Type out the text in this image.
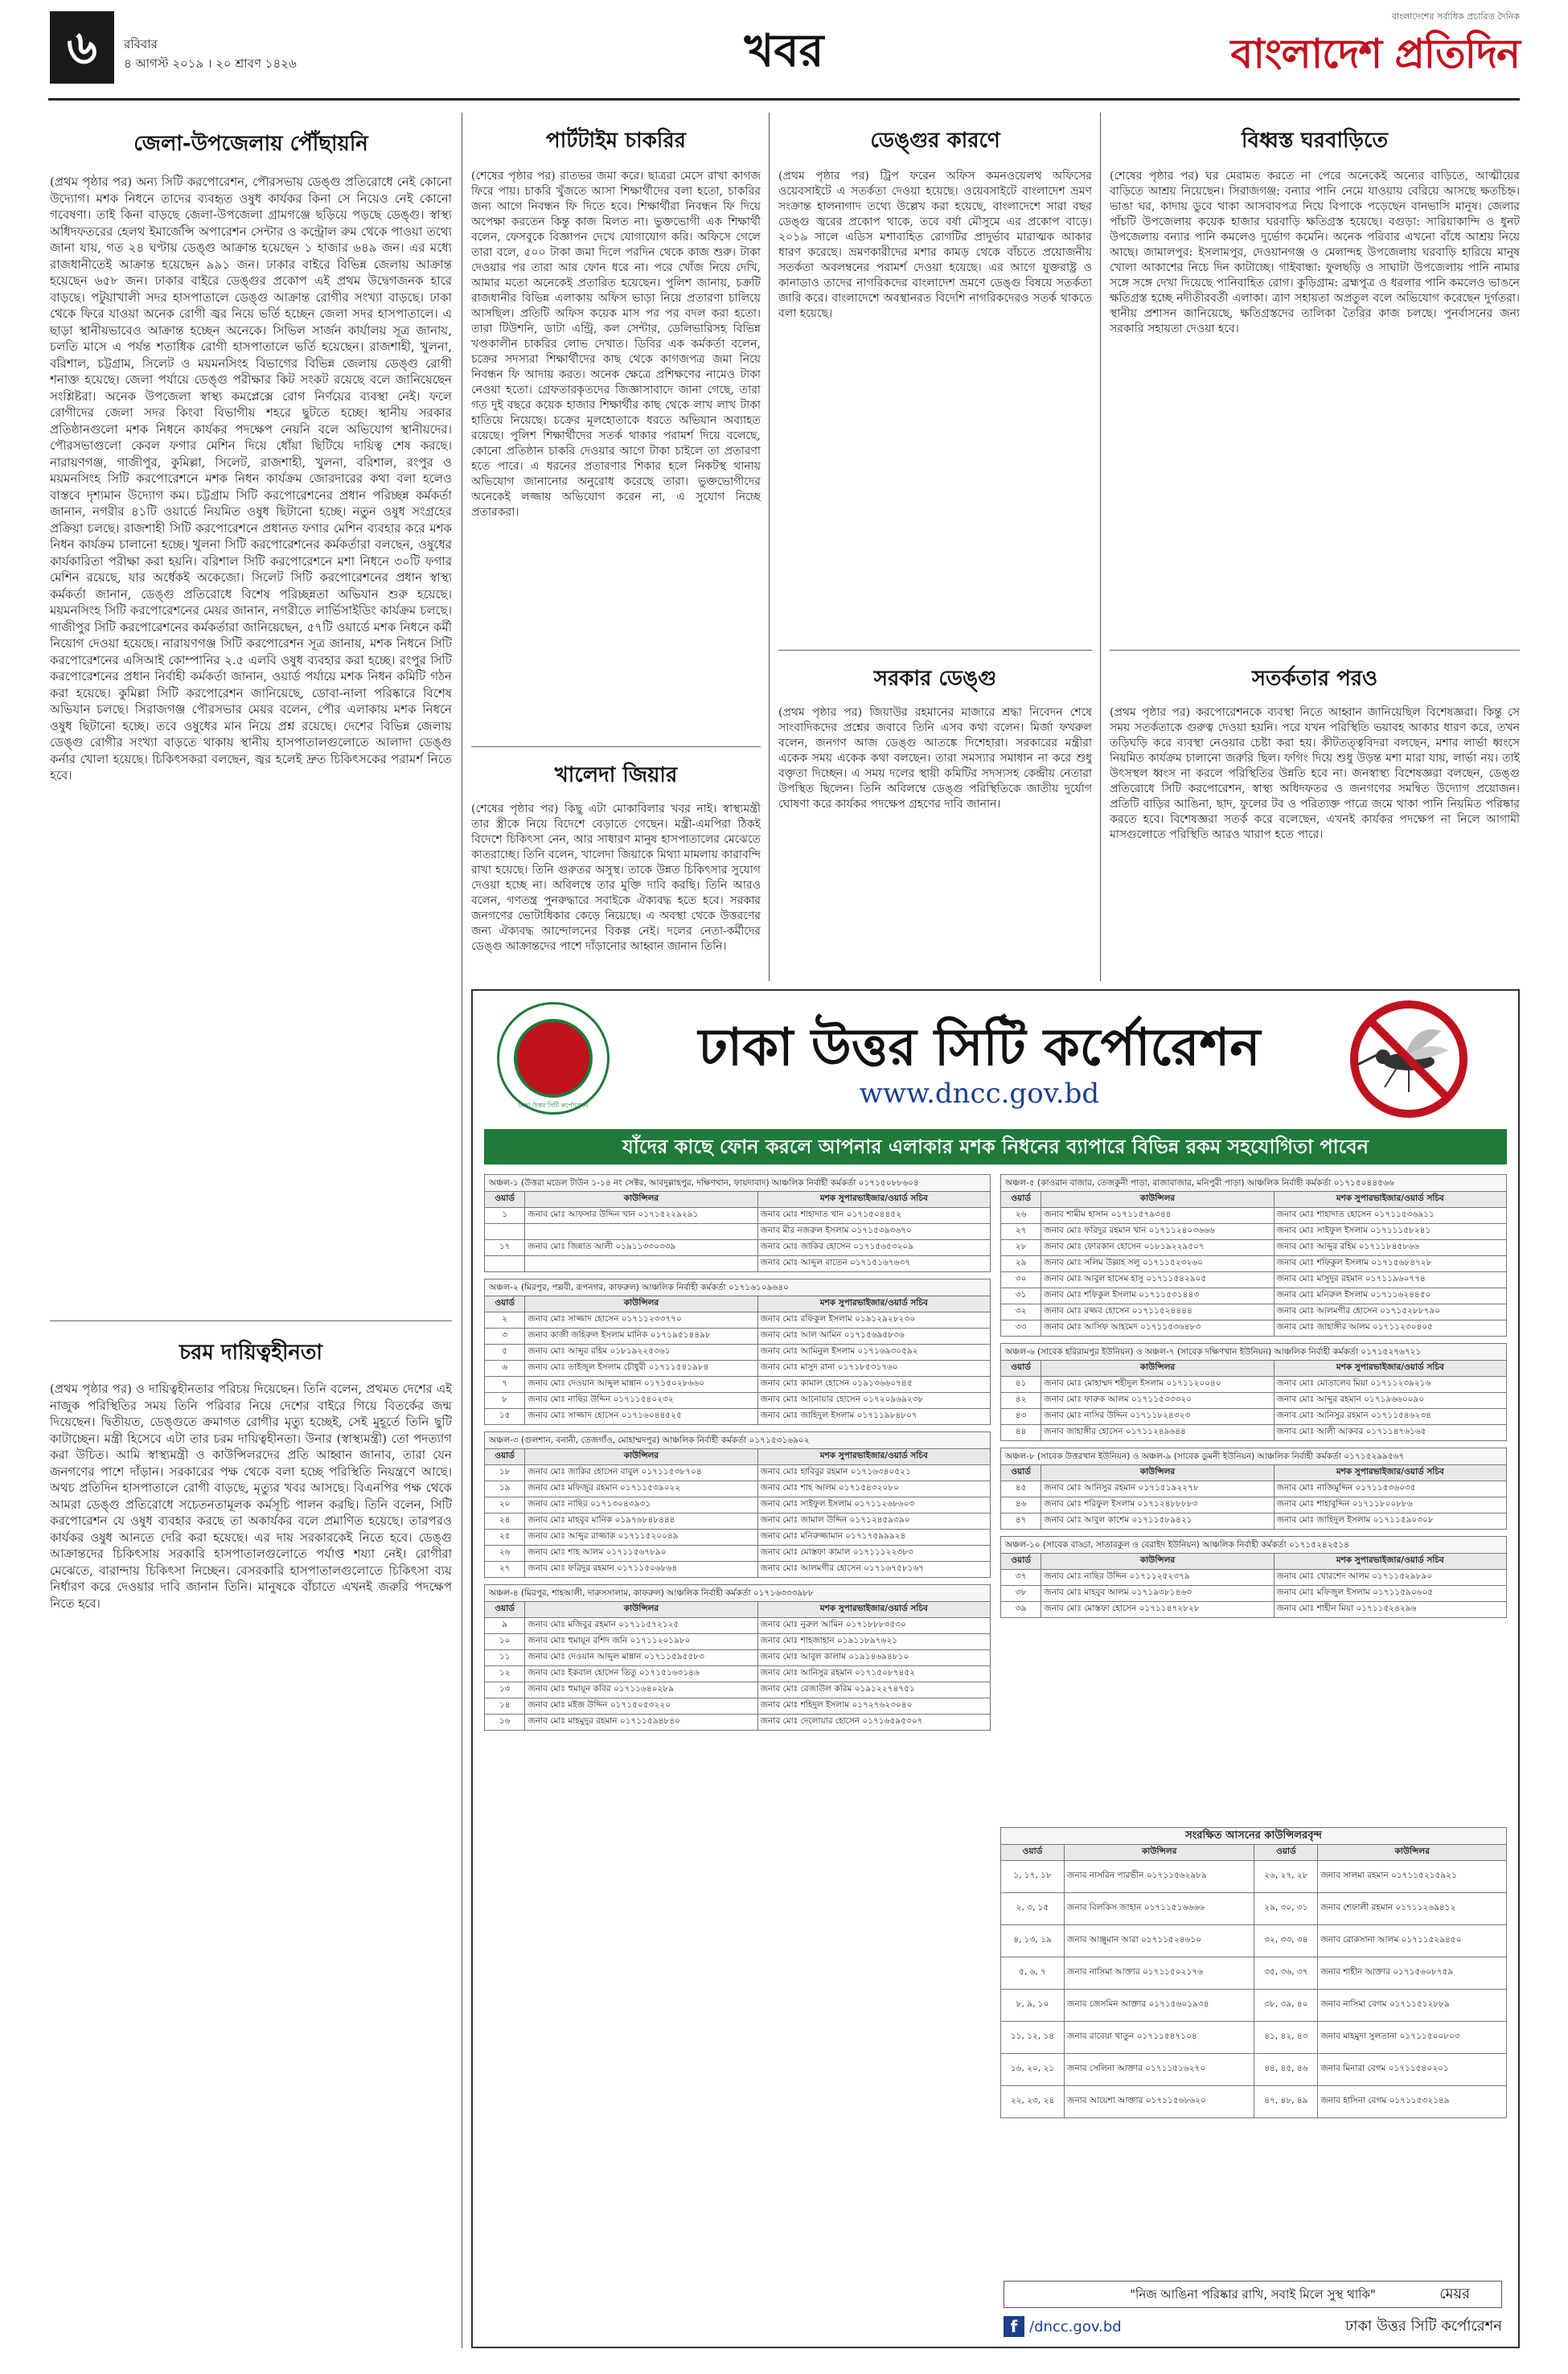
৬	রবিবার
৪ আগস্ট ২০১৯ । ২০ শ্রাবণ ১৪২৬	খবর
বাংলাদেশের সর্বাধিক প্রচারিত দৈনিক
বাংলাদেশ প্রতিদিন
জেলা-উপজেলায় পৌঁছায়নি
(প্রথম পৃষ্ঠার পর) অন্য সিটি করপোরেশন, পৌরসভায় ডেঙ্গু প্রতিরোধে নেই কোনো উদ্যোগ। মশক নিধনে তাদের ব্যবহৃত ওষুধ কার্যকর কিনা সে নিয়েও নেই কোনো গবেষণা। তাই কিনা বাড়ছে জেলা-উপজেলা গ্রামগঞ্জে ছড়িয়ে পড়ছে ডেঙ্গু। স্বাস্থ্য অধিদফতরের হেলথ ইমার্জেন্সি অপারেশন সেন্টার ও কন্ট্রোল রুম থেকে পাওয়া তথ্যে জানা যায়, গত ২৪ ঘণ্টায় ডেঙ্গু আক্রান্ত হয়েছেন ১ হাজার ৬৪৯ জন। এর মধ্যে রাজধানীতেই আক্রান্ত হয়েছেন ৯৯১ জন। ঢাকার বাইরে বিভিন্ন জেলায় আক্রান্ত হয়েছেন ৬৫৮ জন। ঢাকার বাইরে ডেঙ্গুর প্রকোপ এই প্রথম উদ্বেগজনক হারে বাড়ছে। পটুয়াখালী সদর হাসপাতালে ডেঙ্গু আক্রান্ত রোগীর সংখ্যা বাড়ছে। ঢাকা থেকে ফিরে যাওয়া অনেক রোগী জ্বর নিয়ে ভর্তি হচ্ছেন জেলা সদর হাসপাতালে। এ ছাড়া স্থানীয়ভাবেও আক্রান্ত হচ্ছেন অনেকে। সিভিল সার্জন কার্যালয় সূত্র জানায়, চলতি মাসে এ পর্যন্ত শতাধিক রোগী হাসপাতালে ভর্তি হয়েছেন। রাজশাহী, খুলনা, বরিশাল, চট্টগ্রাম, সিলেট ও ময়মনসিংহ বিভাগের বিভিন্ন জেলায় ডেঙ্গু রোগী শনাক্ত হয়েছে। জেলা পর্যায়ে ডেঙ্গু পরীক্ষার কিট সংকট রয়েছে বলে জানিয়েছেন সংশ্লিষ্টরা। অনেক উপজেলা স্বাস্থ্য কমপ্লেক্সে রোগ নির্ণয়ের ব্যবস্থা নেই। ফলে রোগীদের জেলা সদর কিংবা বিভাগীয় শহরে ছুটতে হচ্ছে। স্থানীয় সরকার প্রতিষ্ঠানগুলো মশক নিধনে কার্যকর পদক্ষেপ নেয়নি বলে অভিযোগ স্থানীয়দের। পৌরসভাগুলো কেবল ফগার মেশিন দিয়ে ধোঁয়া ছিটিয়ে দায়িত্ব শেষ করছে। নারায়ণগঞ্জ, গাজীপুর, কুমিল্লা, সিলেট, রাজশাহী, খুলনা, বরিশাল, রংপুর ও ময়মনসিংহ সিটি করপোরেশনে মশক নিধন কার্যক্রম জোরদারের কথা বলা হলেও বাস্তবে দৃশ্যমান উদ্যোগ কম। চট্টগ্রাম সিটি করপোরেশনের প্রধান পরিচ্ছন্ন কর্মকর্তা জানান, নগরীর ৪১টি ওয়ার্ডে নিয়মিত ওষুধ ছিটানো হচ্ছে। নতুন ওষুধ সংগ্রহের প্রক্রিয়া চলছে। রাজশাহী সিটি করপোরেশনে প্রধানত ফগার মেশিন ব্যবহার করে মশক নিধন কার্যক্রম চালানো হচ্ছে। খুলনা সিটি করপোরেশনের কর্মকর্তারা বলছেন, ওষুধের কার্যকারিতা পরীক্ষা করা হয়নি। বরিশাল সিটি করপোরেশনে মশা নিধনে ৩০টি ফগার মেশিন রয়েছে, যার অর্ধেকই অকেজো। সিলেট সিটি করপোরেশনের প্রধান স্বাস্থ্য কর্মকর্তা জানান, ডেঙ্গু প্রতিরোধে বিশেষ পরিচ্ছন্নতা অভিযান শুরু হয়েছে। ময়মনসিংহ সিটি করপোরেশনের মেয়র জানান, নগরীতে লার্ভিসাইডিং কার্যক্রম চলছে। গাজীপুর সিটি করপোরেশনের কর্মকর্তারা জানিয়েছেন, ৫৭টি ওয়ার্ডে মশক নিধনে কর্মী নিয়োগ দেওয়া হয়েছে। নারায়ণগঞ্জ সিটি করপোরেশন সূত্র জানায়, মশক নিধনে সিটি করপোরেশনের এসিআই কোম্পানির ২.৫ এলবি ওষুধ ব্যবহার করা হচ্ছে। রংপুর সিটি করপোরেশনের প্রধান নির্বাহী কর্মকর্তা জানান, ওয়ার্ড পর্যায়ে মশক নিধন কমিটি গঠন করা হয়েছে। কুমিল্লা সিটি করপোরেশন জানিয়েছে, ডোবা-নালা পরিষ্কারে বিশেষ অভিযান চলছে। সিরাজগঞ্জ পৌরসভার মেয়র বলেন, পৌর এলাকায় মশক নিধনে ওষুধ ছিটানো হচ্ছে। তবে ওষুধের মান নিয়ে প্রশ্ন রয়েছে। দেশের বিভিন্ন জেলায় ডেঙ্গু রোগীর সংখ্যা বাড়তে থাকায় স্থানীয় হাসপাতালগুলোতে আলাদা ডেঙ্গু কর্নার খোলা হয়েছে। চিকিৎসকরা বলছেন, জ্বর হলেই দ্রুত চিকিৎসকের পরামর্শ নিতে হবে।
চরম দায়িত্বহীনতা
(প্রথম পৃষ্ঠার পর) ও দায়িত্বহীনতার পরিচয় দিয়েছেন। তিনি বলেন, প্রথমত দেশের এই নাজুক পরিস্থিতির সময় তিনি পরিবার নিয়ে দেশের বাইরে গিয়ে বিতর্কের জন্ম দিয়েছেন। দ্বিতীয়ত, ডেঙ্গুতে ক্রমাগত রোগীর মৃত্যু হচ্ছেই, সেই মুহূর্তে তিনি ছুটি কাটাচ্ছেন। মন্ত্রী হিসেবে এটা তার চরম দায়িত্বহীনতা। উনার (স্বাস্থ্যমন্ত্রী) তো পদত্যাগ করা উচিত। আমি স্বাস্থ্যমন্ত্রী ও কাউন্সিলরদের প্রতি আহ্বান জানাব, তারা যেন জনগণের পাশে দাঁড়ান। সরকারের পক্ষ থেকে বলা হচ্ছে পরিস্থিতি নিয়ন্ত্রণে আছে। অথচ প্রতিদিন হাসপাতালে রোগী বাড়ছে, মৃত্যুর খবর আসছে। বিএনপির পক্ষ থেকে আমরা ডেঙ্গু প্রতিরোধে সচেতনতামূলক কর্মসূচি পালন করছি। তিনি বলেন, সিটি করপোরেশন যে ওষুধ ব্যবহার করছে তা অকার্যকর বলে প্রমাণিত হয়েছে। তারপরও কার্যকর ওষুধ আনতে দেরি করা হয়েছে। এর দায় সরকারকেই নিতে হবে। ডেঙ্গু আক্রান্তদের চিকিৎসায় সরকারি হাসপাতালগুলোতে পর্যাপ্ত শয্যা নেই। রোগীরা মেঝেতে, বারান্দায় চিকিৎসা নিচ্ছেন। বেসরকারি হাসপাতালগুলোতে চিকিৎসা ব্যয় নির্ধারণ করে দেওয়ার দাবি জানান তিনি। মানুষকে বাঁচাতে এখনই জরুরি পদক্ষেপ নিতে হবে।
পার্টটাইম চাকরির
(শেষের পৃষ্ঠার পর) রাতভর জমা করে। ছাত্ররা মেসে রাখা কাগজ ফিরে পায়। চাকরি খুঁজতে আসা শিক্ষার্থীদের বলা হতো, চাকরির জন্য আগে নিবন্ধন ফি দিতে হবে। শিক্ষার্থীরা নিবন্ধন ফি দিয়ে অপেক্ষা করতেন কিন্তু কাজ মিলত না। ভুক্তভোগী এক শিক্ষার্থী বলেন, ফেসবুকে বিজ্ঞাপন দেখে যোগাযোগ করি। অফিসে গেলে তারা বলে, ৫০০ টাকা জমা দিলে পরদিন থেকে কাজ শুরু। টাকা দেওয়ার পর তারা আর ফোন ধরে না। পরে খোঁজ নিয়ে দেখি, আমার মতো অনেকেই প্রতারিত হয়েছেন। পুলিশ জানায়, চক্রটি রাজধানীর বিভিন্ন এলাকায় অফিস ভাড়া নিয়ে প্রতারণা চালিয়ে আসছিল। প্রতিটি অফিস কয়েক মাস পর পর বদল করা হতো। তারা টিউশনি, ডাটা এন্ট্রি, কল সেন্টার, ডেলিভারিসহ বিভিন্ন খণ্ডকালীন চাকরির লোভ দেখাত। ডিবির এক কর্মকর্তা বলেন, চক্রের সদস্যরা শিক্ষার্থীদের কাছ থেকে কাগজপত্র জমা নিয়ে নিবন্ধন ফি আদায় করত। অনেক ক্ষেত্রে প্রশিক্ষণের নামেও টাকা নেওয়া হতো। গ্রেফতারকৃতদের জিজ্ঞাসাবাদে জানা গেছে, তারা গত দুই বছরে কয়েক হাজার শিক্ষার্থীর কাছ থেকে লাখ লাখ টাকা হাতিয়ে নিয়েছে। চক্রের মূলহোতাকে ধরতে অভিযান অব্যাহত রয়েছে। পুলিশ শিক্ষার্থীদের সতর্ক থাকার পরামর্শ দিয়ে বলেছে, কোনো প্রতিষ্ঠান চাকরি দেওয়ার আগে টাকা চাইলে তা প্রতারণা হতে পারে। এ ধরনের প্রতারণার শিকার হলে নিকটস্থ থানায় অভিযোগ জানানোর অনুরোধ করেছে তারা। ভুক্তভোগীদের অনেকেই লজ্জায় অভিযোগ করেন না, এ সুযোগ নিচ্ছে প্রতারকরা।
খালেদা জিয়ার
(শেষের পৃষ্ঠার পর) কিছু এটা মোকাবিলার খবর নাই। স্বাস্থ্যমন্ত্রী তার স্ত্রীকে নিয়ে বিদেশে বেড়াতে গেছেন। মন্ত্রী-এমপিরা ঠিকই বিদেশে চিকিৎসা নেন, আর সাধারণ মানুষ হাসপাতালের মেঝেতে কাতরাচ্ছে। তিনি বলেন, খালেদা জিয়াকে মিথ্যা মামলায় কারাবন্দি রাখা হয়েছে। তিনি গুরুতর অসুস্থ। তাকে উন্নত চিকিৎসার সুযোগ দেওয়া হচ্ছে না। অবিলম্বে তার মুক্তি দাবি করছি। তিনি আরও বলেন, গণতন্ত্র পুনরুদ্ধারে সবাইকে ঐক্যবদ্ধ হতে হবে। সরকার জনগণের ভোটাধিকার কেড়ে নিয়েছে। এ অবস্থা থেকে উত্তরণের জন্য ঐক্যবদ্ধ আন্দোলনের বিকল্প নেই। দলের নেতা-কর্মীদের ডেঙ্গু আক্রান্তদের পাশে দাঁড়ানোর আহ্বান জানান তিনি।
ডেঙ্গুর কারণে
(প্রথম পৃষ্ঠার পর) ট্রিপ ফরেন অফিস কমনওয়েলথ অফিসের ওয়েবসাইটে এ সতর্কতা দেওয়া হয়েছে। ওয়েবসাইটে বাংলাদেশ ভ্রমণ সংক্রান্ত হালনাগাদ তথ্যে উল্লেখ করা হয়েছে, বাংলাদেশে সারা বছর ডেঙ্গু জ্বরের প্রকোপ থাকে, তবে বর্ষা মৌসুমে এর প্রকোপ বাড়ে। ২০১৯ সালে এডিস মশাবাহিত রোগটির প্রাদুর্ভাব মারাত্মক আকার ধারণ করেছে। ভ্রমণকারীদের মশার কামড় থেকে বাঁচতে প্রয়োজনীয় সতর্কতা অবলম্বনের পরামর্শ দেওয়া হয়েছে। এর আগে যুক্তরাষ্ট্র ও কানাডাও তাদের নাগরিকদের বাংলাদেশ ভ্রমণে ডেঙ্গু বিষয়ে সতর্কতা জারি করে। বাংলাদেশে অবস্থানরত বিদেশি নাগরিকদেরও সতর্ক থাকতে বলা হয়েছে।
সরকার ডেঙ্গু
(প্রথম পৃষ্ঠার পর) জিয়াউর রহমানের মাজারে শ্রদ্ধা নিবেদন শেষে সাংবাদিকদের প্রশ্নের জবাবে তিনি এসব কথা বলেন। মির্জা ফখরুল বলেন, জনগণ আজ ডেঙ্গু আতঙ্কে দিশেহারা। সরকারের মন্ত্রীরা একেক সময় একেক কথা বলছেন। তারা সমস্যার সমাধান না করে শুধু বক্তৃতা দিচ্ছেন। এ সময় দলের স্থায়ী কমিটির সদস্যসহ কেন্দ্রীয় নেতারা উপস্থিত ছিলেন। তিনি অবিলম্বে ডেঙ্গু পরিস্থিতিকে জাতীয় দুর্যোগ ঘোষণা করে কার্যকর পদক্ষেপ গ্রহণের দাবি জানান।
বিধ্বস্ত ঘরবাড়িতে
(শেষের পৃষ্ঠার পর) ঘর মেরামত করতে না পেরে অনেকেই অন্যের বাড়িতে, আত্মীয়ের বাড়িতে আশ্রয় নিয়েছেন। সিরাজগঞ্জ: বন্যার পানি নেমে যাওয়ায় বেরিয়ে আসছে ক্ষতচিহ্ন। ভাঙা ঘর, কাদায় ডুবে থাকা আসবাবপত্র নিয়ে বিপাকে পড়েছেন বানভাসি মানুষ। জেলার পাঁচটি উপজেলায় কয়েক হাজার ঘরবাড়ি ক্ষতিগ্রস্ত হয়েছে। বগুড়া: সারিয়াকান্দি ও ধুনট উপজেলায় বন্যার পানি কমলেও দুর্ভোগ কমেনি। অনেক পরিবার এখনো বাঁধে আশ্রয় নিয়ে আছে। জামালপুর: ইসলামপুর, দেওয়ানগঞ্জ ও মেলান্দহ উপজেলায় ঘরবাড়ি হারিয়ে মানুষ খোলা আকাশের নিচে দিন কাটাচ্ছে। গাইবান্ধা: ফুলছড়ি ও সাঘাটা উপজেলায় পানি নামার সঙ্গে সঙ্গে দেখা দিয়েছে পানিবাহিত রোগ। কুড়িগ্রাম: ব্রহ্মপুত্র ও ধরলার পানি কমলেও ভাঙনে ক্ষতিগ্রস্ত হচ্ছে নদীতীরবর্তী এলাকা। ত্রাণ সহায়তা অপ্রতুল বলে অভিযোগ করেছেন দুর্গতরা। স্থানীয় প্রশাসন জানিয়েছে, ক্ষতিগ্রস্তদের তালিকা তৈরির কাজ চলছে। পুনর্বাসনের জন্য সরকারি সহায়তা দেওয়া হবে।
সতর্কতার পরও
(প্রথম পৃষ্ঠার পর) করপোরেশনকে ব্যবস্থা নিতে আহ্বান জানিয়েছিল বিশেষজ্ঞরা। কিন্তু সে সময় সতর্কতাকে গুরুত্ব দেওয়া হয়নি। পরে যখন পরিস্থিতি ভয়াবহ আকার ধারণ করে, তখন তড়িঘড়ি করে ব্যবস্থা নেওয়ার চেষ্টা করা হয়। কীটতত্ত্ববিদরা বলছেন, মশার লার্ভা ধ্বংসে নিয়মিত কার্যক্রম চালানো জরুরি ছিল। ফগিং দিয়ে শুধু উড়ন্ত মশা মারা যায়, লার্ভা নয়। তাই উৎসস্থল ধ্বংস না করলে পরিস্থিতির উন্নতি হবে না। জনস্বাস্থ্য বিশেষজ্ঞরা বলছেন, ডেঙ্গু প্রতিরোধে সিটি করপোরেশন, স্বাস্থ্য অধিদফতর ও জনগণের সমন্বিত উদ্যোগ প্রয়োজন। প্রতিটি বাড়ির আঙিনা, ছাদ, ফুলের টব ও পরিত্যক্ত পাত্রে জমে থাকা পানি নিয়মিত পরিষ্কার করতে হবে। বিশেষজ্ঞরা সতর্ক করে বলেছেন, এখনই কার্যকর পদক্ষেপ না নিলে আগামী মাসগুলোতে পরিস্থিতি আরও খারাপ হতে পারে।
ঢাকা উত্তর সিটি কর্পোরেশন
ঢাকা উত্তর সিটি কর্পোরেশন
www.dncc.gov.bd
যাঁদের কাছে ফোন করলে আপনার এলাকার মশক নিধনের ব্যাপারে বিভিন্ন রকম সহযোগিতা পাবেন
অঞ্চল-১ (উত্তরা মডেল টাউন ১-১৪ নং সেক্টর, আবদুল্লাহপুর, দক্ষিণখান, ফায়দাবাদ) আঞ্চলিক নির্বাহী কর্মকর্তা ০১৭১৫০৮৮৬০৪
ওয়ার্ড	কাউন্সিলর	মশক সুপারভাইজার/ওয়ার্ড সচিব
১	জনাব মোঃ আফসার উদ্দিন খান ০১৭১৫২২৯২৯১	জনাব মোঃ শাহাদাত খান ০১৭১৫০৪৪৫২
		জনাব মীর নজরুল ইসলাম ০১৭১৫৩৯৩৬৭০
১৭	জনাব মোঃ জিন্নাত আলী ০১৯১১৩৩০৩৩৯	জনাব মোঃ জাকির হোসেন ০১৭১৫৬৫৩২০৯
		জনাব মোঃ আব্দুল বাতেন ০১৭১৫১৬৭৬৩৭
অঞ্চল-২ (মিরপুর, পল্লবী, রূপনগর, কাফরুল) আঞ্চলিক নির্বাহী কর্মকর্তা ০১৭১৬১০৯৬৪০
ওয়ার্ড	কাউন্সিলর	মশক সুপারভাইজার/ওয়ার্ড সচিব
২	জনাব মোঃ সাজ্জাদ হোসেন ০১৭১১২৩৩৭৭০	জনাব মোঃ রফিকুল ইসলাম ০১৯১২৯২৮২৩০
৩	জনাব কাজী জহিরুল ইসলাম মানিক ০১৭১৯৫১৪৪৯৮	জনাব মোঃ আল আমিন ০১৭১৫৬৯৫৮৩৬
৫	জনাব মোঃ আব্দুর রহিম ০১৮১৯২২৫৩৬১	জনাব মোঃ আমিনুল ইসলাম ০১৭১৬৯৩০৫৯২
৬	জনাব মোঃ তাইজুল ইসলাম চৌধুরী ০১৭১১৫৪১৯৮৪	জনাব মোঃ মাসুদ রানা ০১৭১৮৫৩১৭৬০
৭	জনাব মোঃ দেওয়ান আব্দুল মান্নান ০১৭১৫০২৮৬৬০	জনাব মোঃ কামাল হোসেন ০১৯১৩৬৬০৭৪৫
৮	জনাব মোঃ নাছির উদ্দিন ০১৭১১৫৪০২৩২	জনাব মোঃ আনোয়ার হোসেন ০১৭২০৯৬৯২৩৮
১৫	জনাব মোঃ সাজ্জাদ হোসেন ০১৭১৬০৪৪৫২৫	জনাব মোঃ জাহিদুল ইসলাম ০১৭১১৯৮৪৮০৭
অঞ্চল-৩ (গুলশান, বনানী, তেজগাঁও, মোহাম্মদপুর) আঞ্চলিক নির্বাহী কর্মকর্তা ০১৭১৫৩১৬৯০২
ওয়ার্ড	কাউন্সিলর	মশক সুপারভাইজার/ওয়ার্ড সচিব
১৮	জনাব মোঃ জাকির হোসেন বাবুল ০১৭১১৫৩৮৭০৪	জনাব মোঃ হাবিবুর রহমান ০১৭১৬৩৪০৫২১
১৯	জনাব মোঃ মফিজুর রহমান ০১৭১১৫৩৯০২২	জনাব মোঃ শাহ আলম ০১৭১৫৪৩২০৮০
২০	জনাব মোঃ নাছির ০১৭১৩০৪৩৯৩১	জনাব মোঃ সাইফুল ইসলাম ০১৭১১২৬৮৬০৩
২৪	জনাব মোঃ মাহবুব মানিক ০১৯৭৬৮৪৮৪৪৪	জনাব মোঃ জামাল উদ্দিন ০১৭১২৪৫৯৩৯০
২৫	জনাব মোঃ আব্দুর রাজ্জাক ০১৭১১৫২০০৪৯	জনাব মোঃ মনিরুজ্জামান ০১৭১৭৫৯৯৯২৪
২৬	জনাব মোঃ শাহ আলম ০১৭১১৫৬৭৮৯০	জনাব মোঃ মোস্তফা কামাল ০১৭১১১২২৩৮৩
২৭	জনাব মোঃ ফরিদুর রহমান ০১৭১১৫০৬৮৬৪	জনাব মোঃ আলমগীর হোসেন ০১৭১৬৭৫৮১৬৭
অঞ্চল-৪ (মিরপুর, শাহআলী, দারুসসালাম, কাফরুল) আঞ্চলিক নির্বাহী কর্মকর্তা ০১৭১৬৩৩৩৯৮৮
ওয়ার্ড	কাউন্সিলর	মশক সুপারভাইজার/ওয়ার্ড সচিব
৯	জনাব মোঃ মজিবুর রহমান ০১৭১১৫৭২১২৫	জনাব মোঃ নুরুল আমিন ০১৭১৮৮৮৩৫৩০
১০	জনাব মোঃ হুমায়ূন রশিদ জনি ০১৭১১২০১৯৮০	জনাব মোঃ শাহজাহান ০১৯১১৮৯৭৬২১
১১	জনাব মোঃ দেওয়ান আব্দুল মান্নান ০১৭১১৫৯৫৫৮৩	জনাব মোঃ আবুল কালাম ০১৯১৪৬৯৪৮১০
১২	জনাব মোঃ ইকবাল হোসেন তিতু ০১৭১৫১৬৩১৪৬	জনাব মোঃ আনিসুর রহমান ০১৭১৫০৮৭৪৫২
১৩	জনাব মোঃ হুমায়ূন কবির ০১৭১১৬৪০২৮৯	জনাব মোঃ রেজাউল করিম ০১৯১২২৭৪৭৫১
১৪	জনাব মোঃ মইজ উদ্দিন ০১৭১৫০৫৩২২০	জনাব মোঃ শহিদুল ইসলাম ০১৭২৭৬২৩০৪০
১৬	জনাব মোঃ মাহমুদুর রহমান ০১৭১১৫৯৪৮৪০	জনাব মোঃ দেলোয়ার হোসেন ০১৭১৬৫৯৫৩০৭
অঞ্চল-৫ (কাওরান বাজার, তেজকুনী পাড়া, রাজাবাজার, মনিপুরী পাড়া) আঞ্চলিক নির্বাহী কর্মকর্তা ০১৭১৫০৪৪৫৬৬
ওয়ার্ড	কাউন্সিলর	মশক সুপারভাইজার/ওয়ার্ড সচিব
২৬	জনাব শামীম হাসান ০১৭১১৫৭৯৩৪৪	জনাব মোঃ শাহাদাত হোসেন ০১৭১১৫৩৬৯১১
২৭	জনাব মোঃ ফরিদুর রহমান খান ০১৭১১২৪০৩৬৬৬	জনাব মোঃ সাইফুল ইসলাম ০১৭১১১৫৮২৪১
২৮	জনাব মোঃ ফোরকান হোসেন ০১৮১৯২২৯৫০৭	জনাব মোঃ আব্দুর রহিম ০১৭১১৮৪৫৮৬৬
২৯	জনাব মোঃ সলিম উল্লাহ সলু ০১৭১১৫২৩২৬০	জনাব মোঃ শফিকুল ইসলাম ০১৭১৫৬৮৪৭২৮
৩০	জনাব মোঃ আবুল হাসেম হাসু ০১৭১১৫৪২৯০৫	জনাব মোঃ মাসুদুর রহমান ০১৭১১৯৬০৭৭৪
৩১	জনাব মোঃ শফিকুল ইসলাম ০১৭১১৫৩১৪৪৩	জনাব মোঃ মনিরুল ইসলাম ০১৭১১৬২৪৪৫০
৩২	জনাব মোঃ রজ্জব হোসেন ০১৭১১৫২৪৪৪৪	জনাব মোঃ আলমগীর হোসেন ০১৭১৫২৮৮৭৯০
৩৩	জনাব মোঃ আসিফ আহমেদ ০১৭১১৫৩৬৪৮৩	জনাব মোঃ জাহাঙ্গীর আলম ০১৭১১২৩০৪০৫
অঞ্চল-৬ (সাবেক হরিরামপুর ইউনিয়ন) ও অঞ্চল-৭ (সাবেক দক্ষিণখান ইউনিয়ন) আঞ্চলিক নির্বাহী কর্মকর্তা ০১৭১৫২৭৬৭২১
ওয়ার্ড	কাউন্সিলর	মশক সুপারভাইজার/ওয়ার্ড সচিব
৪১	জনাব মোঃ মোহাম্মদ শহীদুল ইসলাম ০১৭১১২০০৪০	জনাব মোঃ মোতালেব মিয়া ০১৭১১২৩৯২১৬
৪২	জনাব মোঃ ফারুক আলম ০১৭১১৫৩৩৩২০	জনাব মোঃ আব্দুর রহমান ০১৭১৯৬৬০০৯০
৪৩	জনাব মোঃ নাসির উদ্দিন ০১৭১১৮২৪৩২৩	জনাব মোঃ আনিসুর রহমান ০১৭১১৫৪৬২৩৪
৪৪	জনাব জাহাঙ্গীর হোসেন ০১৭১১২৪৯৬৪৪	জনাব মোঃ আলী আকবর ০১৭১১৪৭৬১৬৫
অঞ্চল-৮ (সাবেক উত্তরখান ইউনিয়ন) ও অঞ্চল-৯ (সাবেক ডুমনী ইউনিয়ন) আঞ্চলিক নির্বাহী কর্মকর্তা ০১৭১৫২৯৯৫৬৭
ওয়ার্ড	কাউন্সিলর	মশক সুপারভাইজার/ওয়ার্ড সচিব
৪৫	জনাব মোঃ আনিসুর রহমান ০১৭১৫১৯২২৭৮	জনাব মোঃ নাজিমুদ্দিন ০১৭১১৫৩৬০৩৫
৪৬	জনাব মোঃ শরিফুল ইসলাম ০১৭১২৪৮৮৮৮৩	জনাব মোঃ শাহাবুদ্দিন ০১৭১১৮০০৮৮৬
৪৭	জনাব মোঃ আবুল কাশেম ০১৭১১৫৮৯৪২১	জনাব মোঃ জাহিদুল ইসলাম ০১৭১১৫৯০৩০৮
অঞ্চল-১০ (সাবেক বাড্ডা, সাতারকুল ও বেরাইদ ইউনিয়ন) আঞ্চলিক নির্বাহী কর্মকর্তা ০১৭১৫২৪২৫১৪
ওয়ার্ড	কাউন্সিলর	মশক সুপারভাইজার/ওয়ার্ড সচিব
৩৭	জনাব মোঃ নাছির উদ্দিন ০১৭১১২৫২৩৭৯	জনাব মোঃ খোরশেদ আলম ০১৭১১৫২৯৮৯০
৩৮	জনাব মোঃ মাহবুব আলম ০১৭১৯৩৮১৪৬৩	জনাব মোঃ মফিজুল ইসলাম ০১৭১১৫৯০৬০৫
৩৯	জনাব মোঃ মোস্তফা হোসেন ০১৭১১৪৭২৮২৮	জনাব মোঃ শাহীন মিয়া ০১৭১১৫২৪২৯৬
সংরক্ষিত আসনের কাউন্সিলরবৃন্দ
ওয়ার্ড	কাউন্সিলর	ওয়ার্ড	কাউন্সিলর
১, ১৭, ১৮	জনাব নাসরিন পারভীন ০১৭১১৫৬২৯৮৯	২৬, ২৭, ২৮	জনাব সালমা রহমান ০১৭১১৫২১৫৯২১
২, ৩, ১৫	জনাব বিলকিস জাহান ০১৭১১৫১৬৬৬৬	২৯, ৩০, ৩১	জনাব শেফালী রহমান ০১৭১১২৬৯৪১২
৪, ১৩, ১৯	জনাব আঞ্জুমান আরা ০১৭১১৫২৪৬১০	৩২, ৩৩, ৩৪	জনাব রোকসানা আলম ০১৭১১৫২৯৪৫০
৫, ৬, ৭	জনাব নাসিমা আক্তার ০১৭১১৫০২১৭৬	৩৫, ৩৬, ৩৭	জনাব শাহীন আক্তার ০১৭১৫৬০৮৭৫৯
৮, ৯, ১০	জনাব জেসমিন আক্তার ০১৭১৫৬০১৯৩৪	৩৮, ৩৯, ৪০	জনাব নাসিমা বেগম ০১৭১১৫১২৮৮৯
১১, ১২, ১৪	জনাব রাবেয়া খাতুন ০১৭১১৫৪৭১০৪	৪১, ৪২, ৪৩	জনাব মাহমুদা সুলতানা ০১৭১১৫০০৮০৩
১৬, ২০, ২১	জনাব সেলিনা আক্তার ০১৭১১৫১৬২৭০	৪৪, ৪৫, ৪৬	জনাব মিনারা বেগম ০১৭১১৫৪০২০১
২২, ২৩, ২৪	জনাব আয়েশা আক্তার ০১৭১১৫৬৮৬২০	৪৭, ৪৮, ৪৯	জনাব হাসিনা বেগম ০১৭১১৫৩২১৪৯
"নিজ আঙিনা পরিষ্কার রাখি, সবাই মিলে সুস্থ থাকি"
f /dncc.gov.bd
মেয়র
ঢাকা উত্তর সিটি কর্পোরেশন
